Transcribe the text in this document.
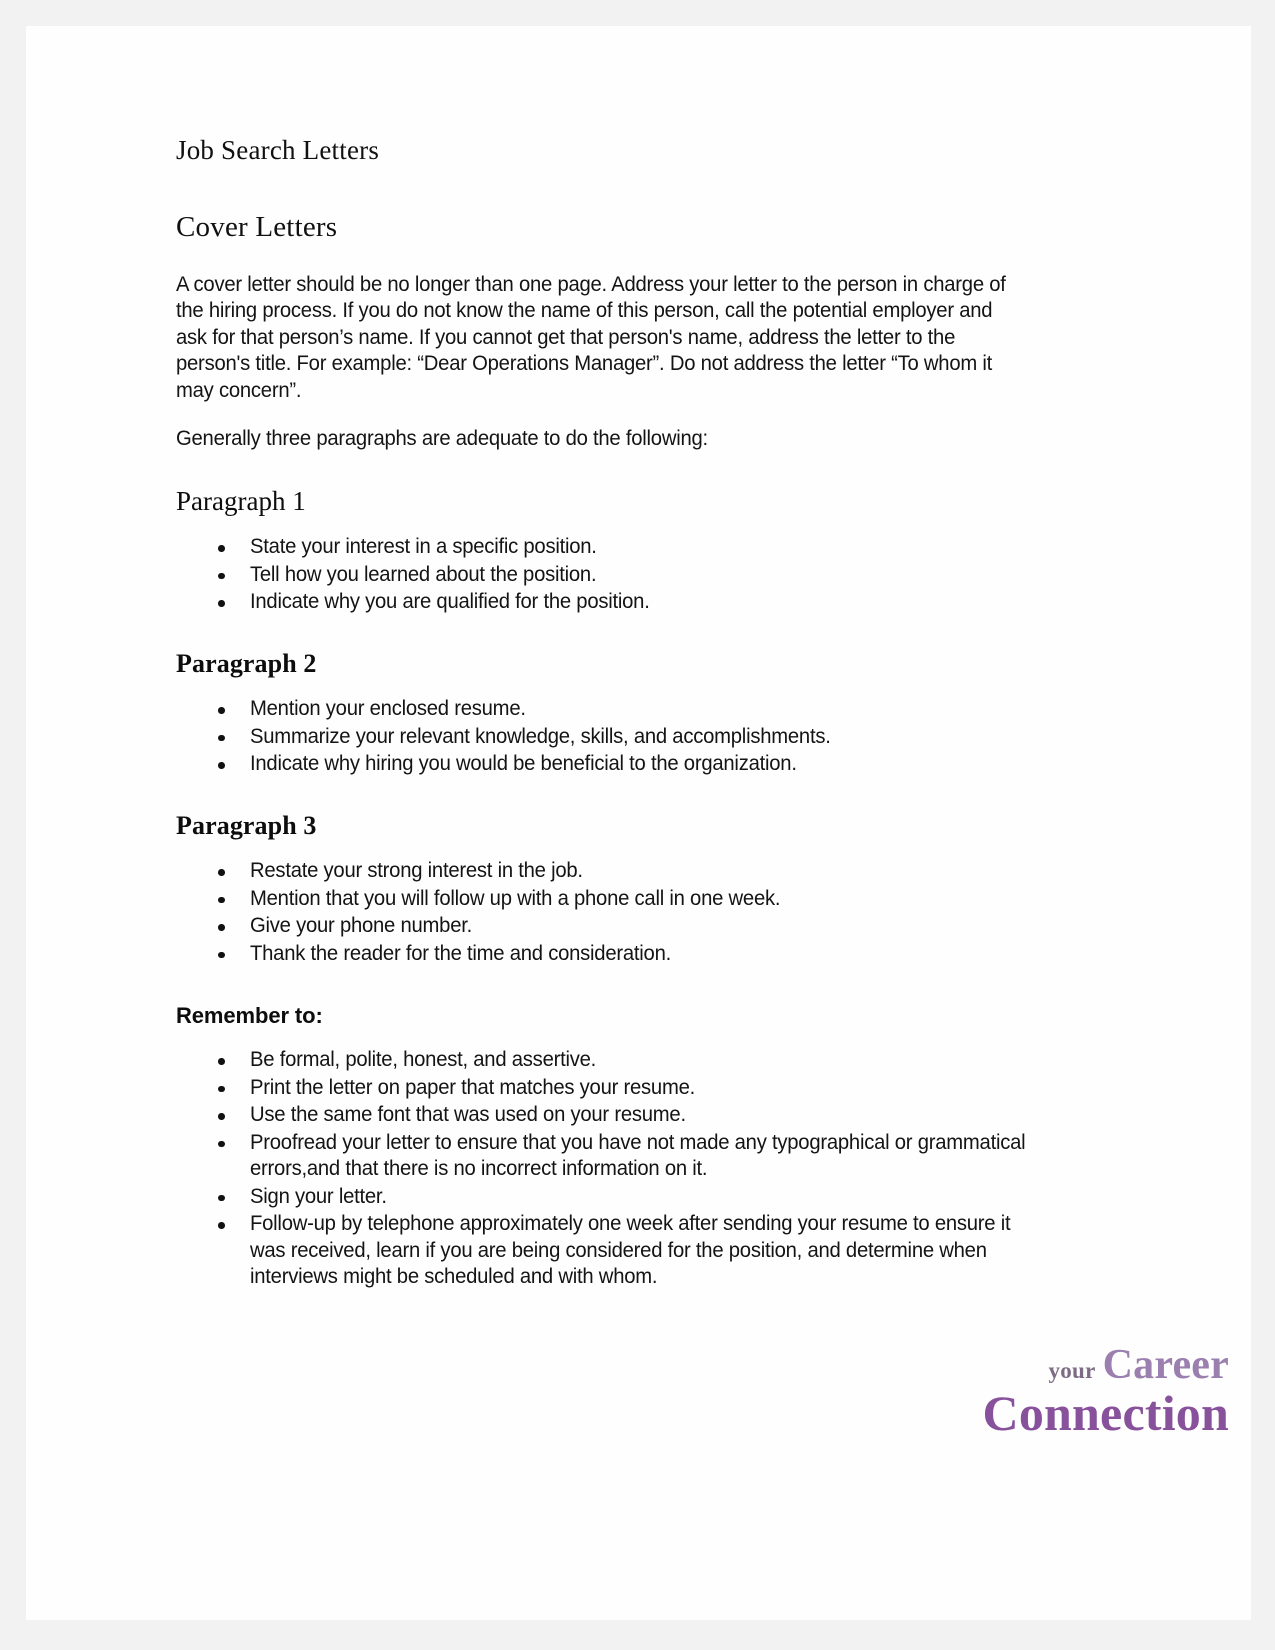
Job Search Letters
Cover Letters

A cover letter should be no longer than one page. Address your letter to the person in charge of the hiring process. If you do not know the name of this person, call the potential employer and ask for that person’s name. If you cannot get that person's name, address the letter to the person's title. For example: “Dear Operations Manager”. Do not address the letter “To whom it may concern”.

Generally three paragraphs are adequate to do the following:

Paragraph 1
State your interest in a specific position.
Tell how you learned about the position.
Indicate why you are qualified for the position.
Paragraph 2
Mention your enclosed resume.
Summarize your relevant knowledge, skills, and accomplishments.
Indicate why hiring you would be beneficial to the organization.
Paragraph 3
Restate your strong interest in the job.
Mention that you will follow up with a phone call in one week.
Give your phone number.
Thank the reader for the time and consideration.
Remember to:
Be formal, polite, honest, and assertive.
Print the letter on paper that matches your resume.
Use the same font that was used on your resume.
Proofread your letter to ensure that you have not made any typographical or grammatical errors,and that there is no incorrect information on it.
Sign your letter.
Follow-up by telephone approximately one week after sending your resume to ensure it was received, learn if you are being considered for the position, and determine when interviews might be scheduled and with whom.
your Career
Connection
